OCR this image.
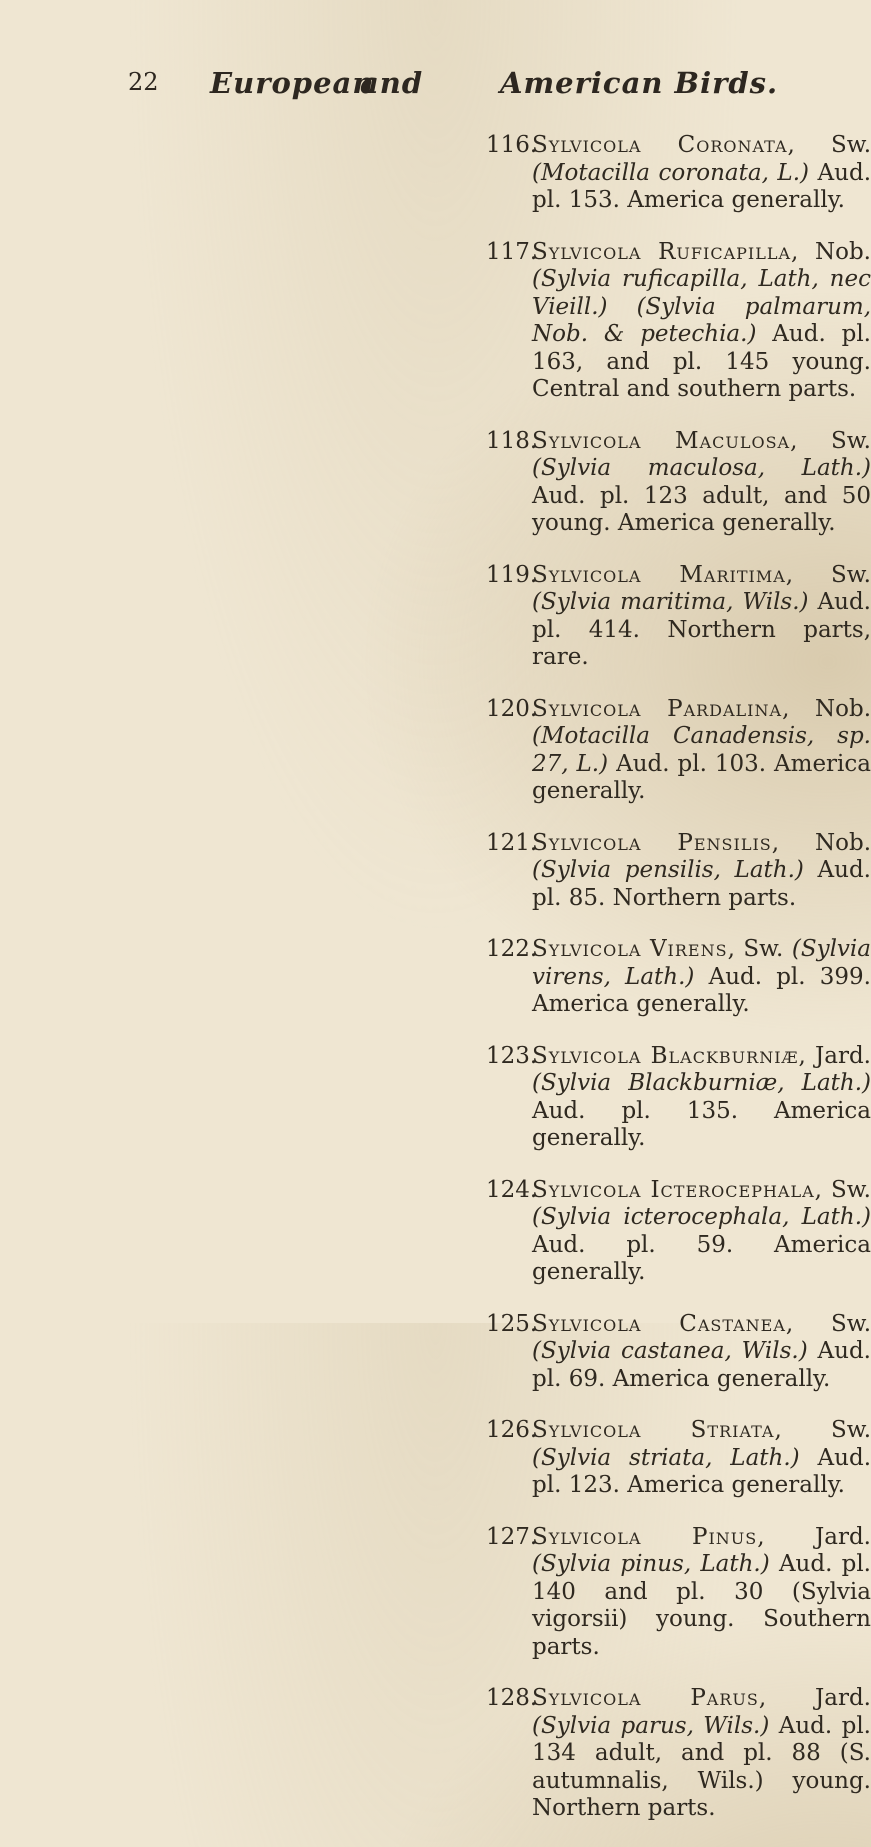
22 European
and	American Birds.
116.
Sylvicola Coronata, Sw. (Motacilla coronata, L.) Aud. pl. 153. America generally.
117.
Sylvicola Ruficapilla, Nob. (Sylvia ruficapilla, Lath, nec Vieill.) (Sylvia palmarum, Nob. & petechia.) Aud. pl. 163, and pl. 145 young. Central and southern parts.
118.
Sylvicola Maculosa, Sw. (Sylvia maculosa, Lath.) Aud. pl. 123 adult, and 50 young. America generally.
119.
Sylvicola Maritima, Sw. (Sylvia maritima, Wils.) Aud. pl. 414. Northern parts, rare.
120.
Sylvicola Pardalina, Nob. (Motacilla Canadensis, sp. 27, L.) Aud. pl. 103. America generally.
121.
Sylvicola Pensilis, Nob. (Sylvia pensilis, Lath.) Aud. pl. 85. Northern parts.
122.
Sylvicola Virens, Sw. (Sylvia virens, Lath.) Aud. pl. 399. America generally.
123.
Sylvicola Blackburniæ, Jard. (Sylvia Blackburniæ, Lath.) Aud. pl. 135. America generally.
124.
Sylvicola Icterocephala, Sw. (Sylvia icterocephala, Lath.) Aud. pl. 59. America generally.
125.
Sylvicola Castanea, Sw. (Sylvia castanea, Wils.) Aud. pl. 69. America generally.
126.
Sylvicola Striata, Sw. (Sylvia striata, Lath.) Aud. pl. 123. America generally.
127.
Sylvicola Pinus, Jard. (Sylvia pinus, Lath.) Aud. pl. 140 and pl. 30 (Sylvia vigorsii) young. Southern parts.
128.
Sylvicola Parus, Jard. (Sylvia parus, Wils.) Aud. pl. 134 adult, and pl. 88 (S. autumnalis, Wils.) young. Northern parts.
